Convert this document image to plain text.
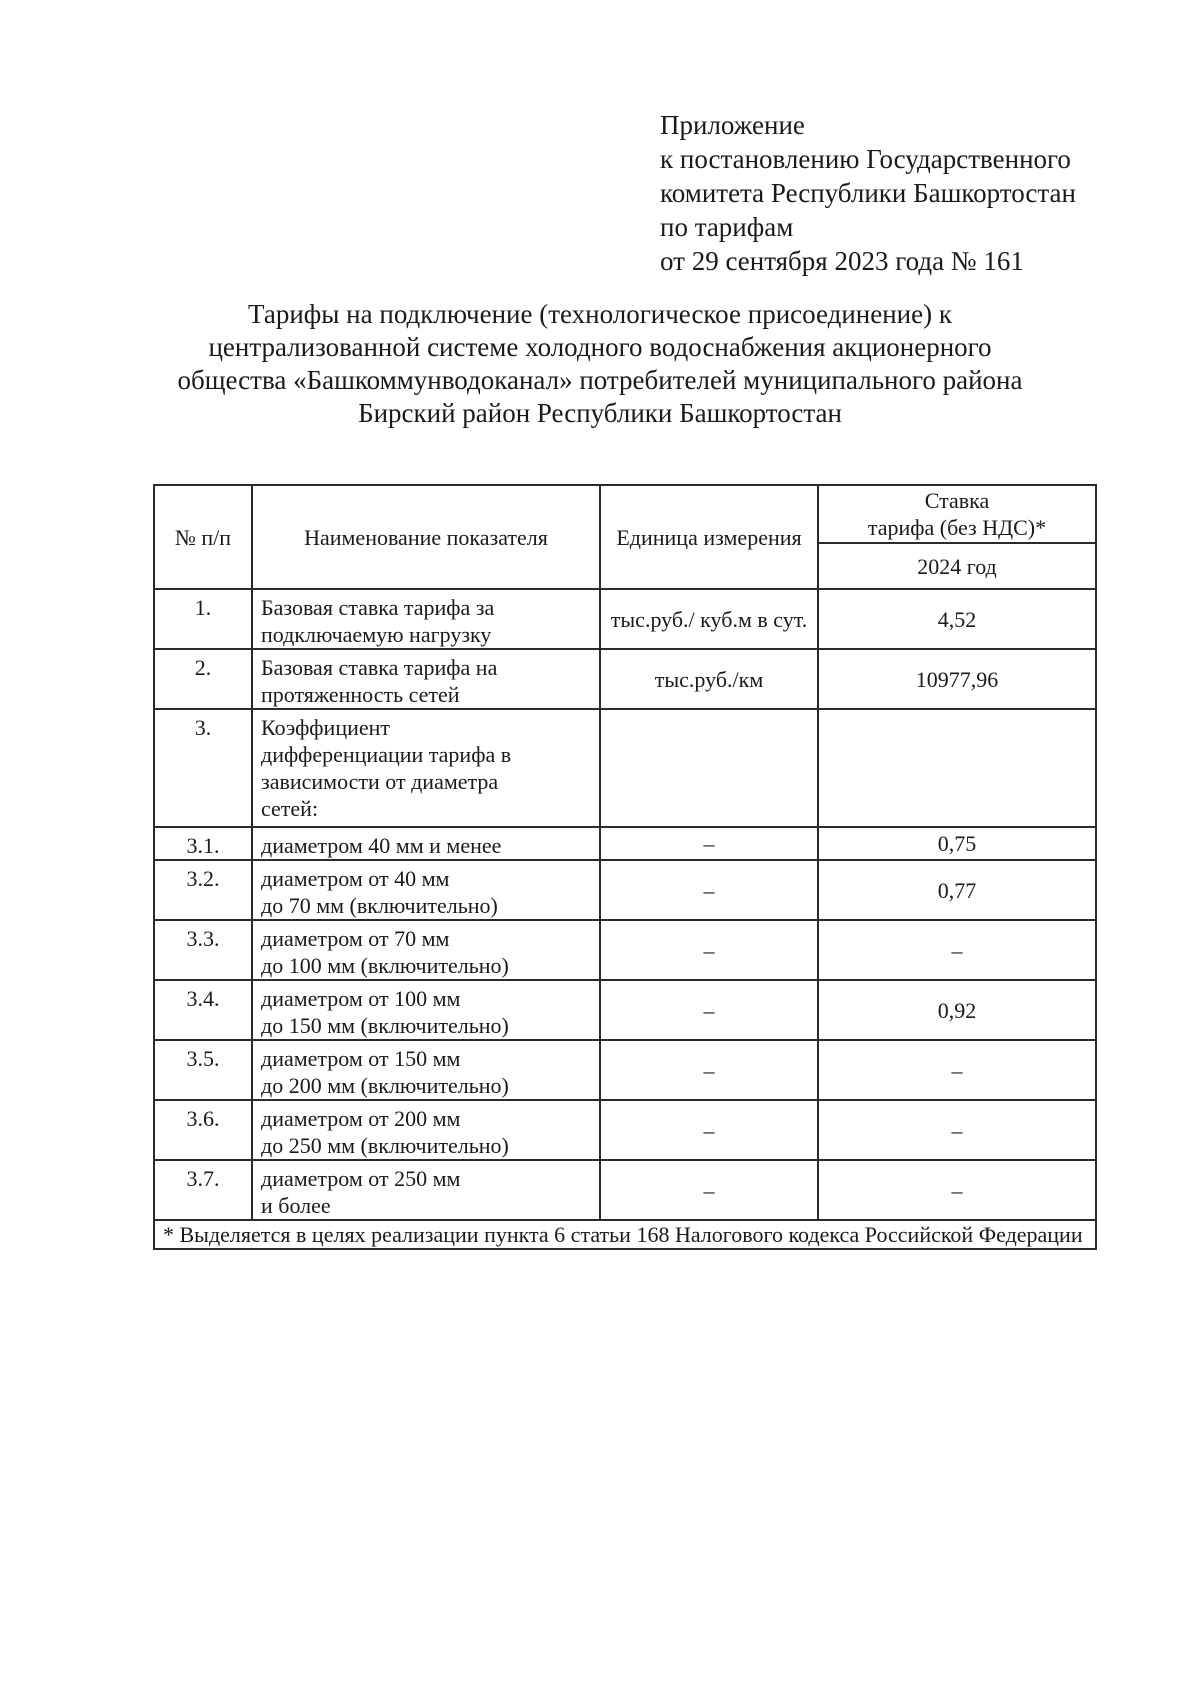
Приложение
к постановлению Государственного
комитета Республики Башкортостан
по тарифам
от 29 сентября 2023 года № 161
Тарифы на подключение (технологическое присоединение) к
централизованной системе холодного водоснабжения акционерного
общества «Башкоммунводоканал» потребителей муниципального района
Бирский район Республики Башкортостан
№ п/п	Наименование показателя	Единица измерения	Ставка
тарифа (без НДС)*

			2024 год
1.	Базовая ставка тарифа за
подключаемую нагрузку	тыс.руб./ куб.м в сут.	4,52
2.	Базовая ставка тарифа на
протяженность сетей	тыс.руб./км	10977,96
3.	Коэффициент
дифференциации тарифа в
зависимости от диаметра
сетей:		

3.1.	диаметром 40 мм и менее	–	0,75
3.2.	диаметром от 40 мм
до 70 мм (включительно)	–	0,77
3.3.	диаметром от 70 мм
до 100 мм (включительно)	–	–
3.4.	диаметром от 100 мм
до 150 мм (включительно)	–	0,92
3.5.	диаметром от 150 мм
до 200 мм (включительно)	–	–
3.6.	диаметром от 200 мм
до 250 мм (включительно)	–	–
3.7.	диаметром от 250 мм
и более	–	–
* Выделяется в целях реализации пункта 6 статьи 168 Налогового кодекса Российской Федерации			
